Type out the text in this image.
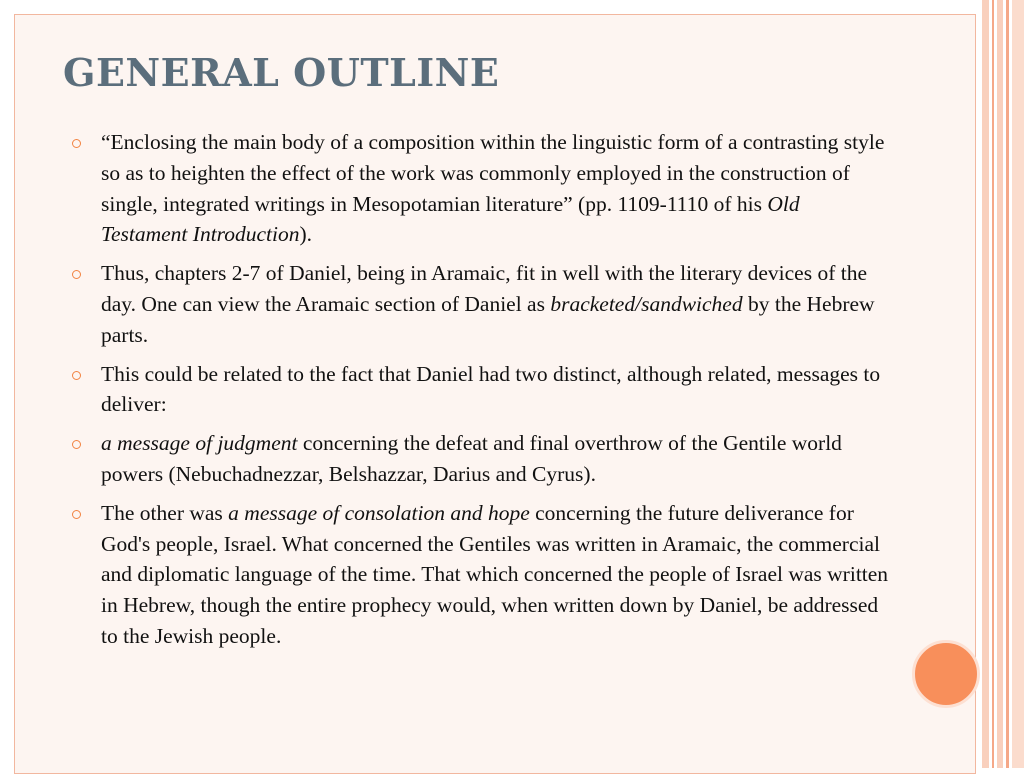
GENERAL OUTLINE
“Enclosing the main body of a composition within the linguistic form of a contrasting style so as to heighten the effect of the work was commonly employed in the construction of single, integrated writings in Mesopotamian literature” (pp. 1109-1110 of his Old Testament Introduction).
Thus, chapters 2-7 of Daniel, being in Aramaic, fit in well with the literary devices of the day. One can view the Aramaic section of Daniel as bracketed/sandwiched by the Hebrew parts.
This could be related to the fact that Daniel had two distinct, although related, messages to deliver:
a message of judgment concerning the defeat and final overthrow of the Gentile world powers (Nebuchadnezzar, Belshazzar, Darius and Cyrus).
The other was a message of consolation and hope concerning the future deliverance for God's people, Israel. What concerned the Gentiles was written in Aramaic, the commercial and diplomatic language of the time. That which concerned the people of Israel was written in Hebrew, though the entire prophecy would, when written down by Daniel, be addressed to the Jewish people.
